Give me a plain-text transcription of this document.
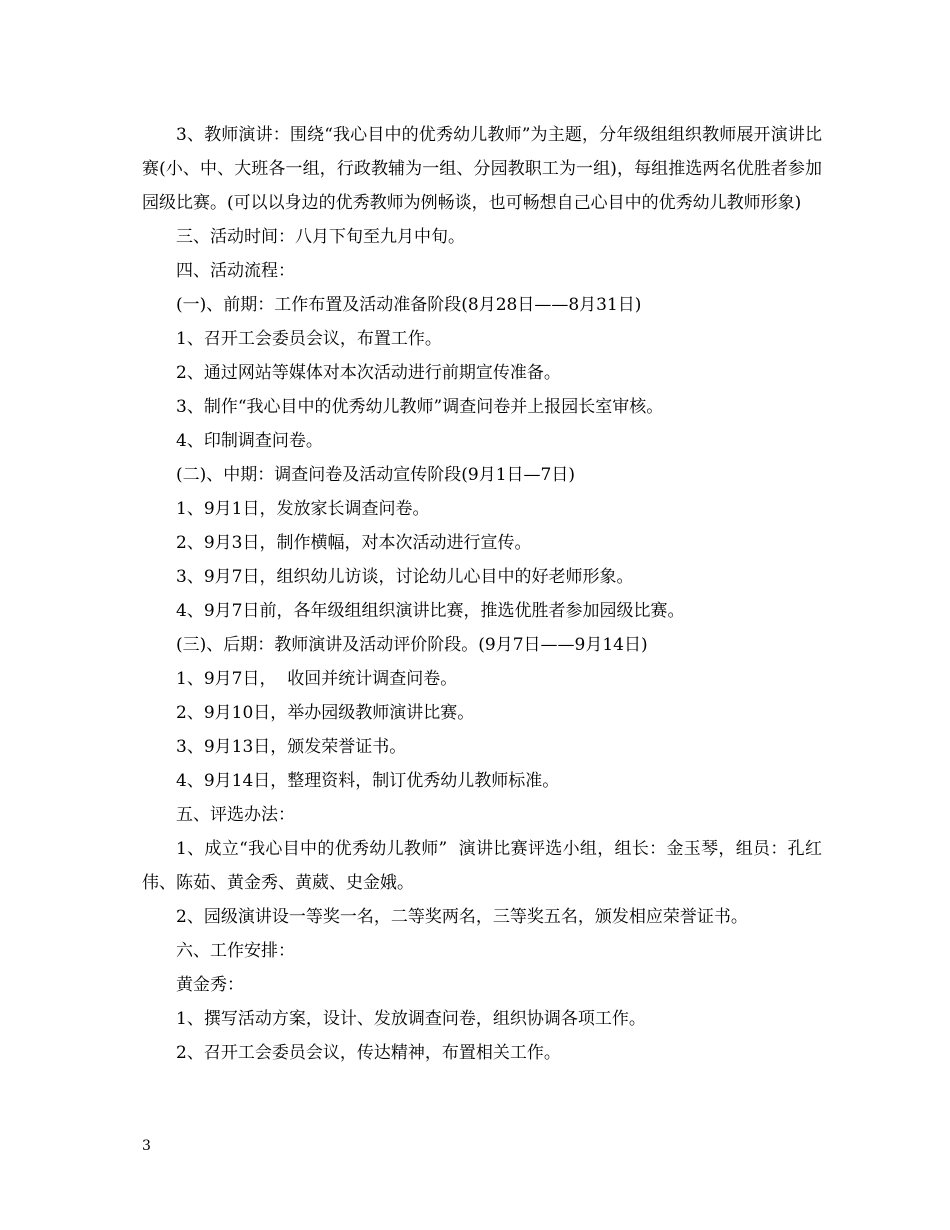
3、教师演讲：围绕“我心目中的优秀幼儿教师”为主题，分年级组组织教师展开演讲比赛(小、中、大班各一组，行政教辅为一组、分园教职工为一组)，每组推选两名优胜者参加园级比赛。(可以以身边的优秀教师为例畅谈，也可畅想自己心目中的优秀幼儿教师形象)

三、活动时间：八月下旬至九月中旬。

四、活动流程：

(一)、前期：工作布置及活动准备阶段(8月28日——8月31日)

1、召开工会委员会议，布置工作。

2、通过网站等媒体对本次活动进行前期宣传准备。

3、制作“我心目中的优秀幼儿教师”调查问卷并上报园长室审核。

4、印制调查问卷。

(二)、中期：调查问卷及活动宣传阶段(9月1日—7日)

1、9月1日，发放家长调查问卷。

2、9月3日，制作横幅，对本次活动进行宣传。

3、9月7日，组织幼儿访谈，讨论幼儿心目中的好老师形象。

4、9月7日前，各年级组组织演讲比赛，推选优胜者参加园级比赛。

(三)、后期：教师演讲及活动评价阶段。(9月7日——9月14日)

1、9月7日，  收回并统计调查问卷。

2、9月10日，举办园级教师演讲比赛。

3、9月13日，颁发荣誉证书。

4、9月14日，整理资料，制订优秀幼儿教师标准。

五、评选办法：

1、成立“我心目中的优秀幼儿教师”  演讲比赛评选小组，组长：金玉琴，组员：孔红伟、陈茹、黄金秀、黄葳、史金娥。

2、园级演讲设一等奖一名，二等奖两名，三等奖五名，颁发相应荣誉证书。

六、工作安排：

黄金秀：

1、撰写活动方案，设计、发放调查问卷，组织协调各项工作。

2、召开工会委员会议，传达精神，布置相关工作。

3
